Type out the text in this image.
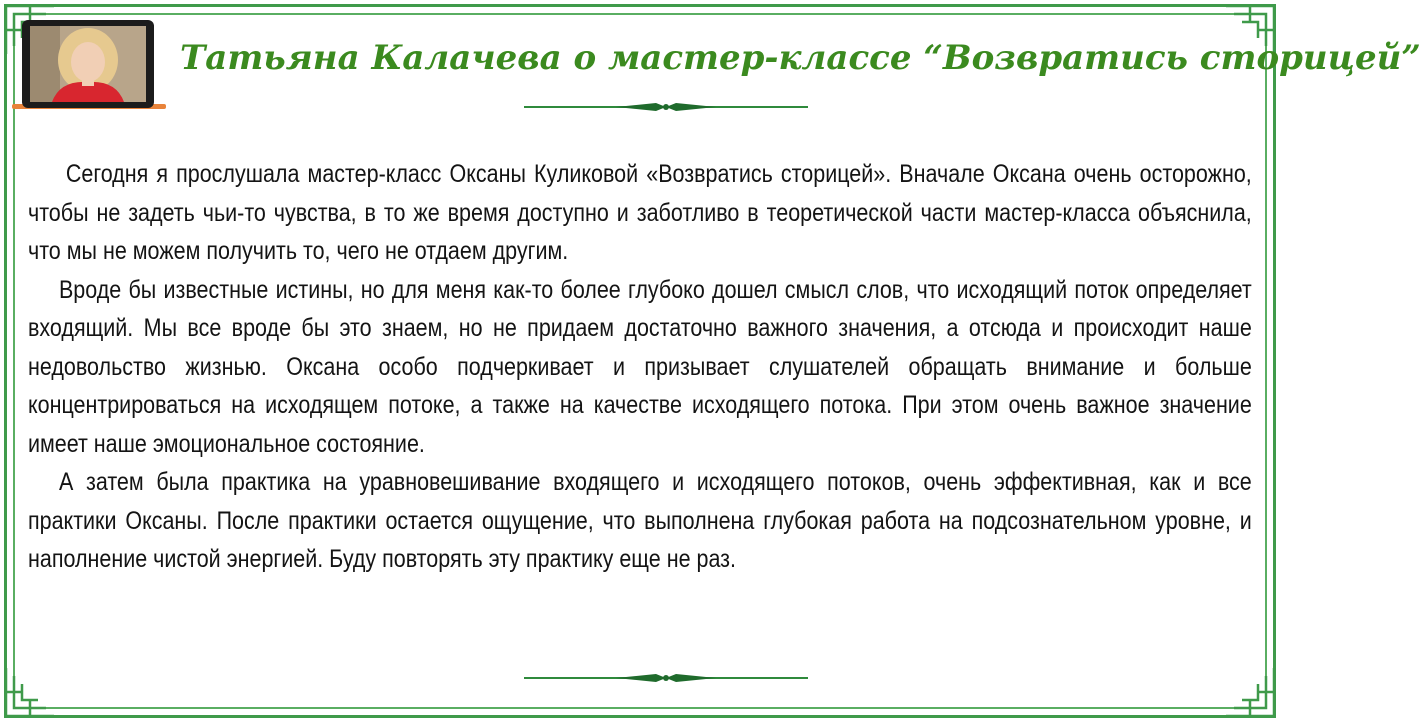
Татьяна Калачева о мастер-классе “Возвратись сторицей”

Сегодня я прослушала мастер-класс Оксаны Куликовой «Возвратись сторицей». Вначале Оксана очень осторожно, чтобы не задеть чьи-то чувства, в то же время доступно и заботливо в теоретической части мастер-класса объяснила, что мы не можем получить то, чего не отдаем другим.

Вроде бы известные истины, но для меня как-то более глубоко дошел смысл слов, что исходящий поток определяет входящий. Мы все вроде бы это знаем, но не придаем достаточно важного значения, а отсюда и происходит наше недовольство жизнью. Оксана особо подчеркивает и призывает слушателей обращать внимание и больше концентрироваться на исходящем потоке, а также на качестве исходящего потока. При этом очень важное значение имеет наше эмоциональное состояние.

А затем была практика на уравновешивание входящего и исходящего потоков, очень эффективная, как и все практики Оксаны. После практики остается ощущение, что выполнена глубокая работа на подсознательном уровне, и наполнение чистой энергией. Буду повторять эту практику еще не раз.
